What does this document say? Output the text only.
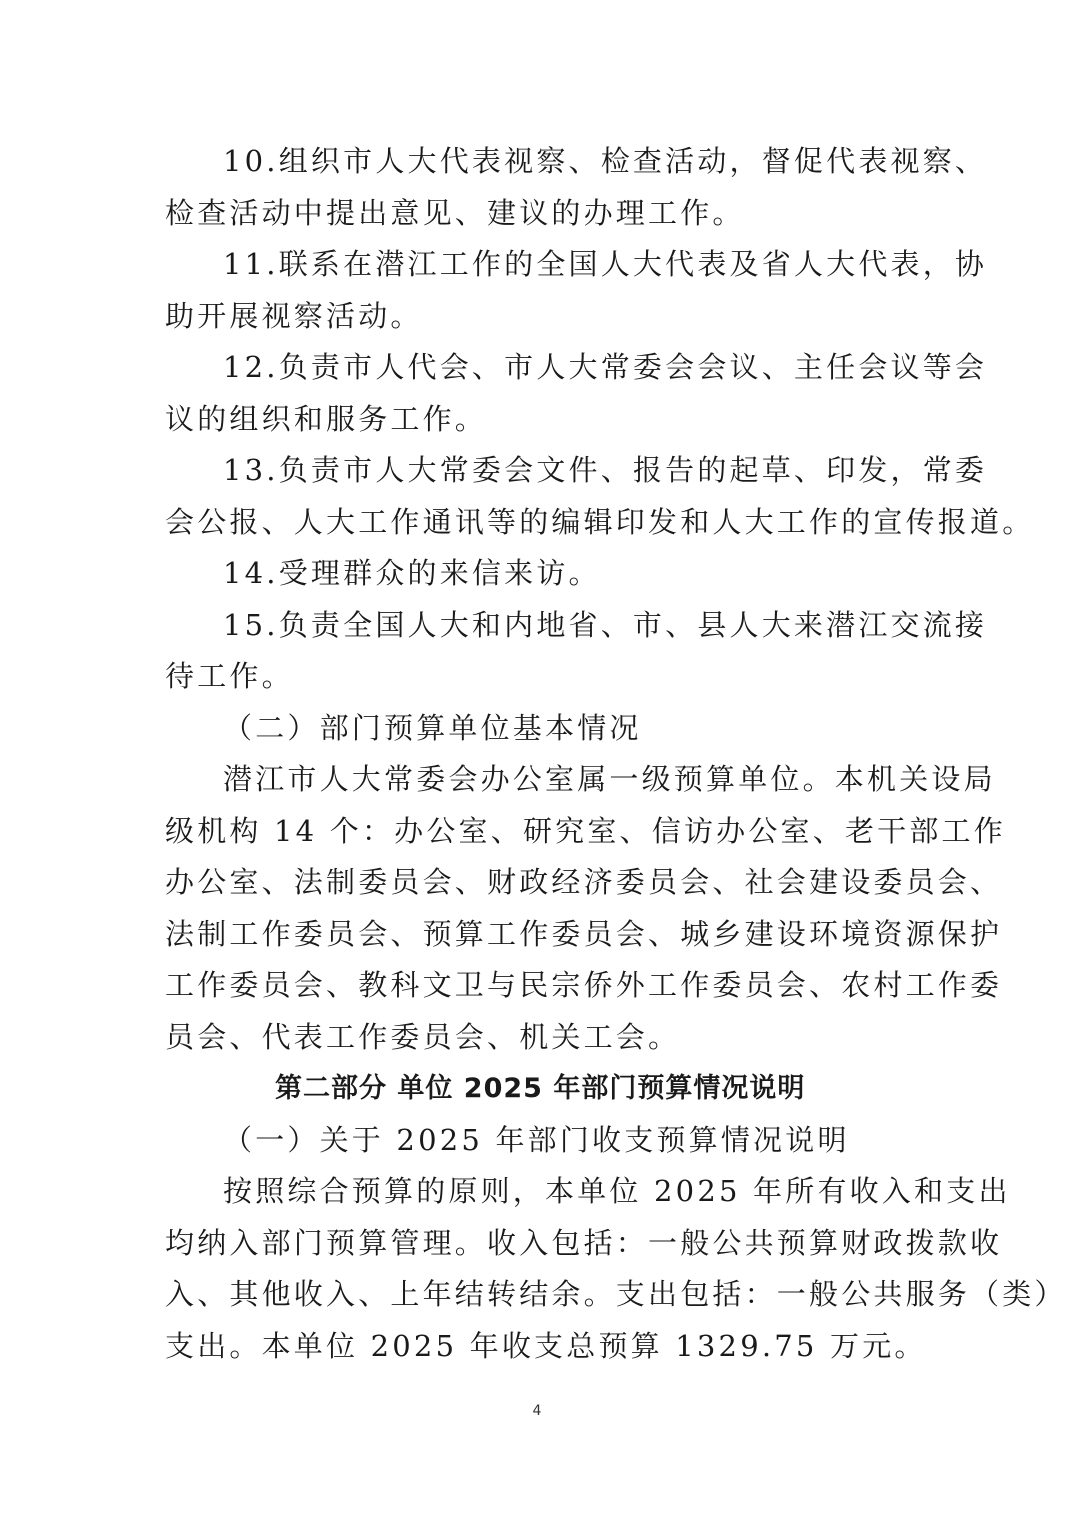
10.组织市人大代表视察、检查活动，督促代表视察、
检查活动中提出意见、建议的办理工作。
11.联系在潜江工作的全国人大代表及省人大代表，协
助开展视察活动。
12.负责市人代会、市人大常委会会议、主任会议等会
议的组织和服务工作。
13.负责市人大常委会文件、报告的起草、印发，常委
会公报、人大工作通讯等的编辑印发和人大工作的宣传报道。
14.受理群众的来信来访。
15.负责全国人大和内地省、市、县人大来潜江交流接
待工作。
（二）部门预算单位基本情况
潜江市人大常委会办公室属一级预算单位。本机关设局
级机构 14 个：办公室、研究室、信访办公室、老干部工作
办公室、法制委员会、财政经济委员会、社会建设委员会、
法制工作委员会、预算工作委员会、城乡建设环境资源保护
工作委员会、教科文卫与民宗侨外工作委员会、农村工作委
员会、代表工作委员会、机关工会。
第二部分 单位 2025 年部门预算情况说明
（一）关于 2025 年部门收支预算情况说明
按照综合预算的原则，本单位 2025 年所有收入和支出
均纳入部门预算管理。收入包括：一般公共预算财政拨款收
入、其他收入、上年结转结余。支出包括：一般公共服务（类）
支出。本单位 2025 年收支总预算 1329.75 万元。
4
